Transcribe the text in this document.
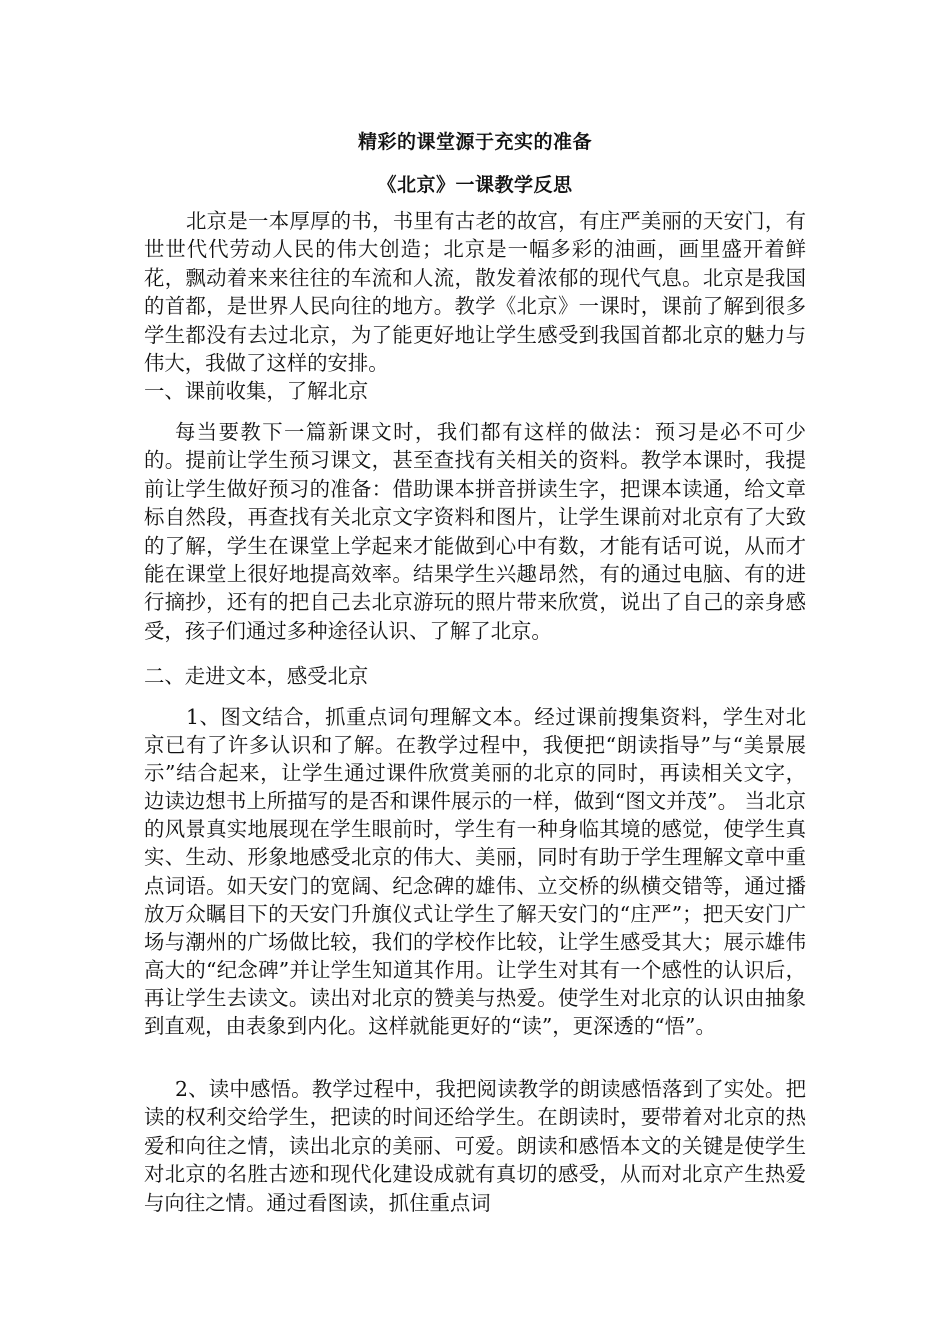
精彩的课堂源于充实的准备
《北京》一课教学反思
北京是一本厚厚的书，书里有古老的故宫，有庄严美丽的天安门，有世世代代劳动人民的伟大创造；北京是一幅多彩的油画，画里盛开着鲜花，飘动着来来往往的车流和人流，散发着浓郁的现代气息。北京是我国的首都，是世界人民向往的地方。教学《北京》一课时，课前了解到很多学生都没有去过北京，为了能更好地让学生感受到我国首都北京的魅力与伟大，我做了这样的安排。
一、课前收集，了解北京
每当要教下一篇新课文时，我们都有这样的做法：预习是必不可少的。提前让学生预习课文，甚至查找有关相关的资料。教学本课时，我提前让学生做好预习的准备：借助课本拼音拼读生字，把课本读通，给文章标自然段，再查找有关北京文字资料和图片，让学生课前对北京有了大致的了解，学生在课堂上学起来才能做到心中有数，才能有话可说，从而才能在课堂上很好地提高效率。结果学生兴趣昂然，有的通过电脑、有的进行摘抄，还有的把自己去北京游玩的照片带来欣赏，说出了自己的亲身感受，孩子们通过多种途径认识、了解了北京。
二、走进文本，感受北京
1、图文结合，抓重点词句理解文本。经过课前搜集资料，学生对北京已有了许多认识和了解。在教学过程中，我便把“朗读指导”与“美景展示”结合起来，让学生通过课件欣赏美丽的北京的同时，再读相关文字，边读边想书上所描写的是否和课件展示的一样，做到“图文并茂”。 当北京的风景真实地展现在学生眼前时，学生有一种身临其境的感觉，使学生真实、生动、形象地感受北京的伟大、美丽，同时有助于学生理解文章中重点词语。如天安门的宽阔、纪念碑的雄伟、立交桥的纵横交错等，通过播放万众瞩目下的天安门升旗仪式让学生了解天安门的“庄严”；把天安门广场与潮州的广场做比较，我们的学校作比较，让学生感受其大；展示雄伟高大的“纪念碑”并让学生知道其作用。让学生对其有一个感性的认识后，再让学生去读文。读出对北京的赞美与热爱。使学生对北京的认识由抽象到直观，由表象到内化。这样就能更好的“读”，更深透的“悟”。
2、读中感悟。教学过程中，我把阅读教学的朗读感悟落到了实处。把读的权利交给学生，把读的时间还给学生。在朗读时，要带着对北京的热爱和向往之情，读出北京的美丽、可爱。朗读和感悟本文的关键是使学生对北京的名胜古迹和现代化建设成就有真切的感受，从而对北京产生热爱与向往之情。通过看图读，抓住重点词
